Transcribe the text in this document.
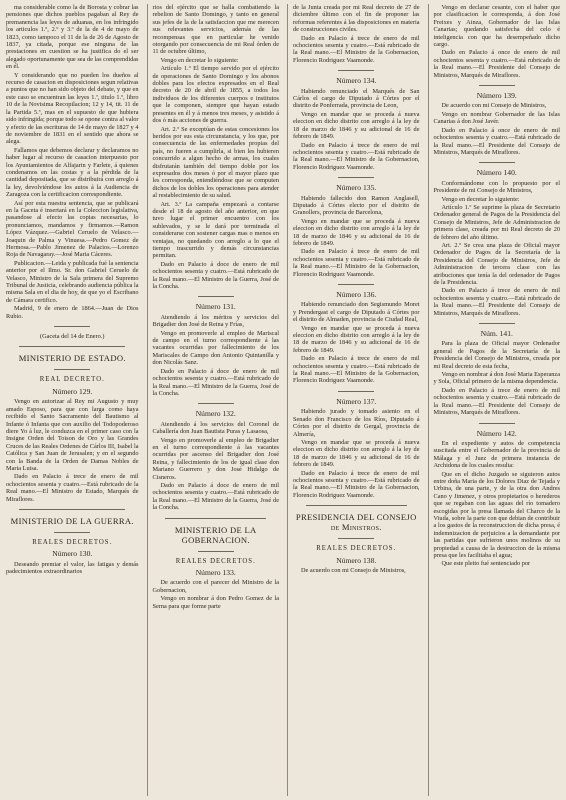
ma considerable como la de Borosta y cobrar las pensiones que dichos pueblos pagaban al Rey de premanencia las leyes de aduanas, en los infringido los articulos 1.º, 2.º y 3.º de la de 4 de mayo de 1823, como tampoco el 11 de la de 26 de Agosto de 1837, ya citada, porque ese ninguna de las prestaciones en cuestion se ha justifica do el ser alegado oportunamente que sea de las comprendidas en él.

Y considerando que no pueden los dueños al recurso de casacion en disposiciones segun relativas a puntos que no han sido objeto del debate, y que en este caso se encuentran las leyes 1.ª, titulo 1.º, libro 10 de la Novisima Recopilacion; 12 y 14, tit. 11 de la Partida 5.ª, mas en el supuesto de que hubiera sido infringida; porque todo se opone contra al valor y efecto de las escrituras de 14 de mayo de 1827 y 4 de noviembre de 1831 en el sentido que ahora se alega.

Fallamos que debemos declarar y declaramos no haber lugar al recurso de casacion interpuesto por los Ayuntamientos de Alfajarin y Farlete, á quienes condenamos en las costas y a la pérdida de la cantidad depositada, que se distribuirá con arreglo á la ley, devolviéndose los autos á la Audiencia de Zaragoza con la certificacion correspondiente.

Así por esta nuestra sentencia, que se publicará en la Gaceta é insertará en la Coleccion legislativa, pasandose al efecto las copias necesarias, lo pronunciamos, mandamos y firmamos.—Ramon López Vázquez.—Gabriel Ceruelo de Velasco.—Joaquin de Palma y Vinuesa.—Pedro Gomez de Hermosa.—Pablo Jimenez de Palacios.—Lorenzo Roja de Navagaray.—José Maria Cáceres.

Publicacion.—Leida y publicada fué la sentencia anterior por el Ilmo. Sr. don Gabriel Ceruelo de Velasco, Ministro de la Sala primera del Supremo Tribunal de Justicia, celebrando audiencia pública la misma Sala en el dia de hoy, de que yo el Escribano de Cámara certifico.

Madrid, 9 de enero de 1864.—Juan de Dios Rubio.

(Gaceta del 14 de Enero.)
MINISTERIO DE ESTADO.
REAL DECRETO.
Número 129.

Vengo en autorizar al Rey mi Augusto y muy amado Esposo, para que con larga como haya recibido el Santo Sacramento del Bautismo al Infante ó Infanta que con auxilio del Todopoderoso diere Yo á luz, le conduzca en el primer caso con la Insigne Orden del Toison de Oro y las Grandes Cruces de las Reales Ordenes de Cárlos III, Isabel la Católica y San Juan de Jerusalen; y en el segundo con la Banda de la Orden de Damas Nobles de Maria Luisa.

Dado en Palacio á trece de enero de mil ochocientos sesenta y cuatro.—Está rubricado de la Real mano.—El Ministro de Estado, Marqués de Miraflores.

MINISTERIO DE LA GUERRA.
REALES DECRETOS.
Número 130.

Deseando premiar el valor, las fatigas y demás padecimientos extraordinarios

rios del ejército que se halla combatiendo la rebelion de Santo Domingo, y tanto en general sus jefes de la de la satisfaccion que me merecen sus relevantes servicios, además de las recompensas que en particular he venido otorgando por consecuencia de mi Real órden de 11 de octubre último,

Vengo en decretar lo siguiente:

Artículo 1.º El tiempo servido por el ejército de operaciones de Santo Domingo y los abonos dobles para los efectos expresados en el Real decreto de 20 de abril de 1855, a todos los individuos de los diferentes cuerpos e institutos que le componen, siempre que hayan estado presentes en él y á menos tres meses, y asistido á dos ó más acciones de guerra.

Art. 2.º Se exceptúan de estas concesiones los heridos por sus esta circunstancia, y los que, por consecuencia de las enfermedades propias del país, no fueren a cumplirla, si bien les hubieren concurrido a algun hecho de armas, los cuales disfrutarán también del tiempo doble por los expresados dos meses ó por el mayor plazo que les corresponda, entendiéndose que se computen dichos de los dobles los operaciones para atender al restablecimiento de su salud.

Art. 3.º La campaña empezará a contarse desde el 18 de agosto del año anterior, en que tuvo lugar el primer encuentro con los sublevados, y se le dará por terminada el considerarse con sostener cargas mas o menos en ventajas, no quedando con arreglo a lo que el tiempo trascurrido y demás circunstancias permitan.

Dado en Palacio á doce de enero de mil ochocientos sesenta y cuatro.—Está rubricado de la Real mano.—El Ministro de la Guerra, José de la Concha.

Número 131.

Atendiendo á los méritos y servicios del Brigadier don José de Reina y Frías,

Vengo en promoverle al empleo de Mariscal de campo en el turno correspondiente á las vacantes ocurridas por fallecimiento de los Mariscales de Campo don Antonio Quintanilla y don Nicolás Sanz.

Dado en Palacio á doce de enero de mil ochocientos sesenta y cuatro.—Está rubricado de la Real mano.—El Ministro de la Guerra, José de la Concha.

Número 132.

Atendiendo á los servicios del Coronel de Caballería don Juan Bautista Puras y Lasaosa,

Vengo en promoverle al empleo de Brigadier en el turno correspondiente á las vacantes ocurridas por ascenso del Brigadier don José Reina, y fallecimiento de los de igual clase don Mariano Guerrero y don José Hidalgo de Cisneros.

Dado en Palacio á doce de enero de mil ochocientos sesenta y cuatro.—Está rubricado de la Real mano.—El Ministro de la Guerra, José de la Concha.

MINISTERIO DE LA GOBERNACION.
REALES DECRETOS.
Número 133.

De acuerdo con el parecer del Ministro de la Gobernacion,

Vengo en nombrar á don Pedro Gomez de la Serna para que forme parte

de la Junta creada por mi Real decreto de 27 de diciembre último con el fin de proponer las reformas referentes á las disposiciones en materia de construcciones civiles.

Dado en Palacio á trece de enero de mil ochocientos sesenta y cuatro.—Está rubricado de la Real mano.—El Ministro de la Gobernacion, Florencio Rodriguez Vaamonde.

Número 134.

Habiendo renunciado el Marqués de San Cárlos el cargo de Diputado á Córtes por el distrito de Ponferrada, provincia de Leon,

Vengo en mandar que se proceda á nueva eleccion en dicho distrito con arreglo á la ley de 18 de marzo de 1846 y su adicional de 16 de febrero de 1849.

Dado en Palacio á trece de enero de mil ochocientos sesenta y cuatro.—Está rubricado de la Real mano.—El Ministro de la Gobernacion, Florencio Rodriguez Vaamonde.

Número 135.

Habiendo fallecido don Ramon Anglasell, Diputado á Córtes electo por el distrito de Granollers, provincia de Barcelona,

Vengo en mandar que se proceda á nueva eleccion en dicho distrito con arreglo á la ley de 18 de marzo de 1846 y su adicional de 16 de febrero de 1849.

Dado en Palacio á trece de enero de mil ochocientos sesenta y cuatro.—Está rubricado de la Real mano.—El Ministro de la Gobernacion, Florencio Rodriguez Vaamonde.

Número 136.

Habiendo renunciado don Segismundo Moret y Prendergast el cargo de Diputado á Córtes por el distrito de Almaden, provincia de Ciudad Real,

Vengo en mandar que se proceda á nueva eleccion en dicho distrito con arreglo á la ley de 18 de marzo de 1846 y su adicional de 16 de febrero de 1849.

Dado en Palacio á trece de enero de mil ochocientos sesenta y cuatro.—Está rubricado de la Real mano.—El Ministro de la Gobernacion, Florencio Rodriguez Vaamonde.

Número 137.

Habiendo jurado y tomado asiento en el Senado don Francisco de los Ríos, Diputado á Córtes por el distrito de Gergal, provincia de Almería,

Vengo en mandar que se proceda á nueva eleccion en dicho distrito con arreglo á la ley de 18 de marzo de 1846 y su adicional de 16 de febrero de 1849.

Dado en Palacio á trece de enero de mil ochocientos sesenta y cuatro.—Está rubricado de la Real mano.—El Ministro de la Gobernacion, Florencio Rodriguez Vaamonde.

PRESIDENCIA DEL CONSEJO de Ministros.
REALES DECRETOS.
Número 138.

De acuerdo con mi Consejo de Ministros,

Vengo en declarar cesante, con el haber que por clasificacion le corresponda, á don José Freixes y Ainza, Gobernador de las Islas Canarias; quedando satisfecha del celo é inteligencia con que ha desempeñado dicho cargo.

Dado en Palacio á once de enero de mil ochocientos sesenta y cuatro.—Está rubricado de la Real mano.—El Presidente del Consejo de Ministros, Marqués de Miraflores.

Número 139.

De acuerdo con mi Consejo de Ministros,

Vengo en nombrar Gobernador de las Islas Canarias á don José Javér.

Dado en Palacio á once de enero de mil ochocientos sesenta y cuatro.—Está rubricado de la Real mano.—El Presidente del Consejo de Ministros, Marqués de Miraflores.

Número 140.

Conformándome con lo propuesto por el Presidente de mi Consejo de Ministros,

Vengo en decretar lo siguiente:

Artículo 1.º Se suprime la plaza de Secretario Ordenador general de Pagos de la Presidencia del Consejo de Ministros, Jefe de Administracion de primera clase, creada por mi Real decreto de 20 de febrero del año último.

Art. 2.º Se crea una plaza de Oficial mayor Ordenador de Pagos de la Secretaría de la Presidencia del Consejo de Ministros, Jefe de Administracion de tercera clase con las atribuciones que tenía la del ordenador de Pagos de la Presidencia.

Dado en Palacio á trece de enero de mil ochocientos sesenta y cuatro.—Está rubricado de la Real mano.—El Presidente del Consejo de Ministros, Marqués de Miraflores.

Núm. 141.

Para la plaza de Oficial mayor Ordenador general de Pagos de la Secretaría de la Presidencia del Consejo de Ministros, creada por mi Real decreto de esta fecha,

Vengo en nombrar á don José Maria Esperanza y Sola, Oficial primero de la misma dependencia.

Dado en Palacio á trece de enero de mil ochocientos sesenta y cuatro.—Está rubricado de la Real mano.—El Presidente del Consejo de Ministros, Marqués de Miraflores.

Número 142.

En el expediente y autos de competencia suscitada entre el Gobernador de la provincia de Málaga y el Juez de primera instancia de Archidona de los cuales resulta:

Que en el dicho Juzgado se siguieron autos entre doña Maria de los Dolores Diaz de Tejada y Urbina, de una parte, y de la otra don Andres Cano y Jimenez, y otros propietarios o herederos que se regaban con las aguas del río tomadero escogidas por la presa llamada del Charco de la Viuda, sobre la parte con que debian de contribuir a los gastos de la reconstruccion de dicha presa, é indemnizacion de perjuicios a la demandante por las partidas que sufrieron unos molinos de su propiedad a causa de la destruccion de la misma presa que les facilitaba el agua;

Que este pleito fué sentenciado por
